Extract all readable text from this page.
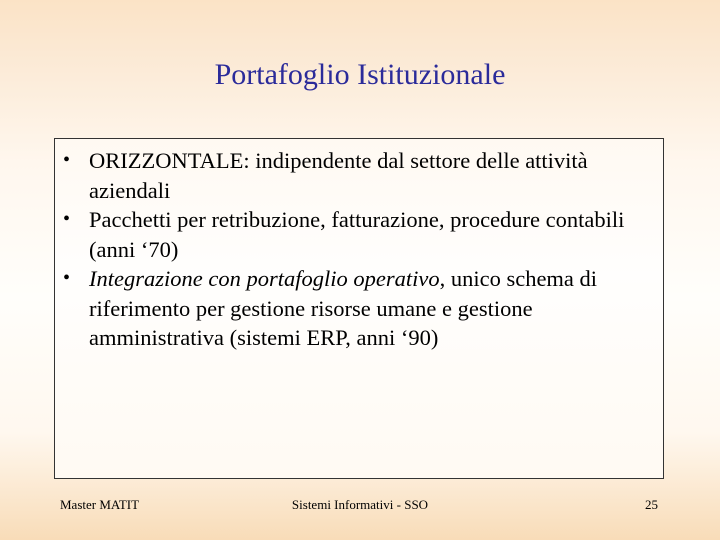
Portafoglio Istituzionale
• ORIZZONTALE: indipendente dal settore delle attività aziendali
• Pacchetti per retribuzione, fatturazione, procedure contabili (anni ‘70)
• Integrazione con portafoglio operativo, unico schema di riferimento per gestione risorse umane e gestione amministrativa (sistemi ERP, anni ‘90)
Master MATIT	Sistemi Informativi - SSO	25
